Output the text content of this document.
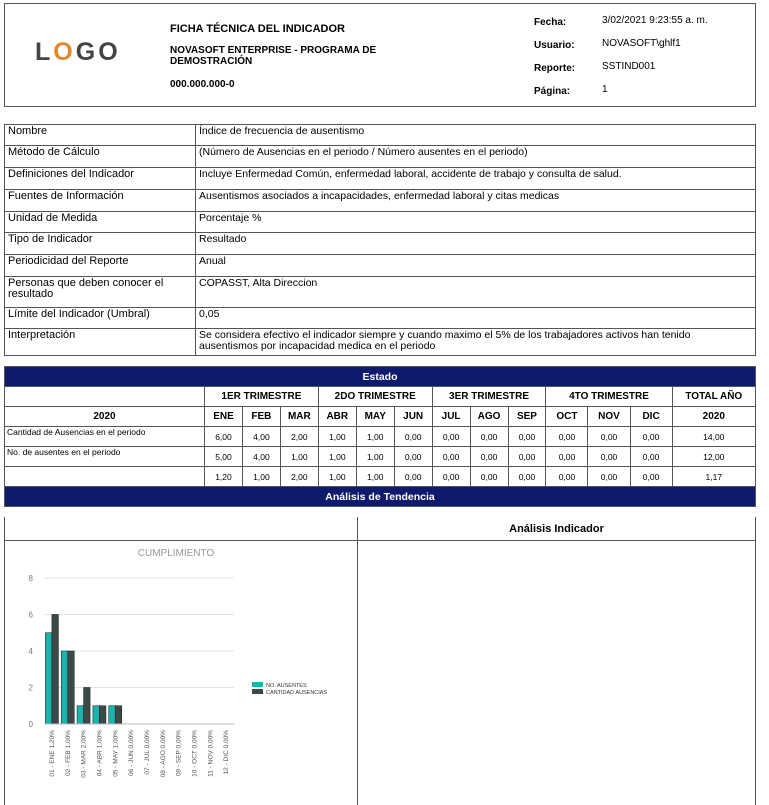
LOGO
FICHA TÉCNICA DEL INDICADOR
NOVASOFT ENTERPRISE - PROGRAMA DE DEMOSTRACIÓN
000.000.000-0
Fecha:	3/02/2021 9:23:55 a. m.
Usuario:	NOVASOFT\ghlf1
Reporte:	SSTIND001
Página:	1
Nombre	Índice de frecuencia de ausentismo
Método de Cálculo	(Número de Ausencias en el periodo / Número ausentes en el periodo)
Definiciones del Indicador	Incluye Enfermedad Común, enfermedad laboral, accidente de trabajo y consulta de salud.
Fuentes de Información	Ausentismos asociados a incapacidades, enfermedad laboral y citas medicas
Unidad de Medida	Porcentaje %
Tipo de Indicador	Resultado
Periodicidad del Reporte	Anual
Personas que deben conocer el resultado	COPASST, Alta Direccion
Límite del Indicador (Umbral)	0,05
Interpretación	Se considera efectivo el indicador siempre y cuando maximo el 5% de los trabajadores activos han tenido ausentismos por incapacidad medica en el periodo
Estado													
	1ER TRIMESTRE			2DO TRIMESTRE			3ER TRIMESTRE			4TO TRIMESTRE			TOTAL AÑO
2020	ENE	FEB	MAR	ABR	MAY	JUN	JUL	AGO	SEP	OCT	NOV	DIC	2020
Cantidad de Ausencias en el periodo	6,00	4,00	2,00	1,00	1,00	0,00	0,00	0,00	0,00	0,00	0,00	0,00	14,00
No. de ausentes en el periodo	5,00	4,00	1,00	1,00	1,00	0,00	0,00	0,00	0,00	0,00	0,00	0,00	12,00
	1,20	1,00	2,00	1,00	1,00	0,00	0,00	0,00	0,00	0,00	0,00	0,00	1,17
Análisis de Tendencia													
Análisis Indicador
CUMPLIMIENTO
0
2
4
6
8
01 - ENE 1,20% 02 - FEB 1,00% 03 - MAR 2,00% 04 - ABR 1,00% 05 - MAY 1,00% 06 - JUN 0,00% 07 - JUL 0,00% 08 - AGO 0,00% 09 - SEP 0,00% 10 - OCT 0,00% 11 - NOV 0,00% 12 - DIC 0,00%
NO. AUSENTES
CANTIDAD AUSENCIAS
